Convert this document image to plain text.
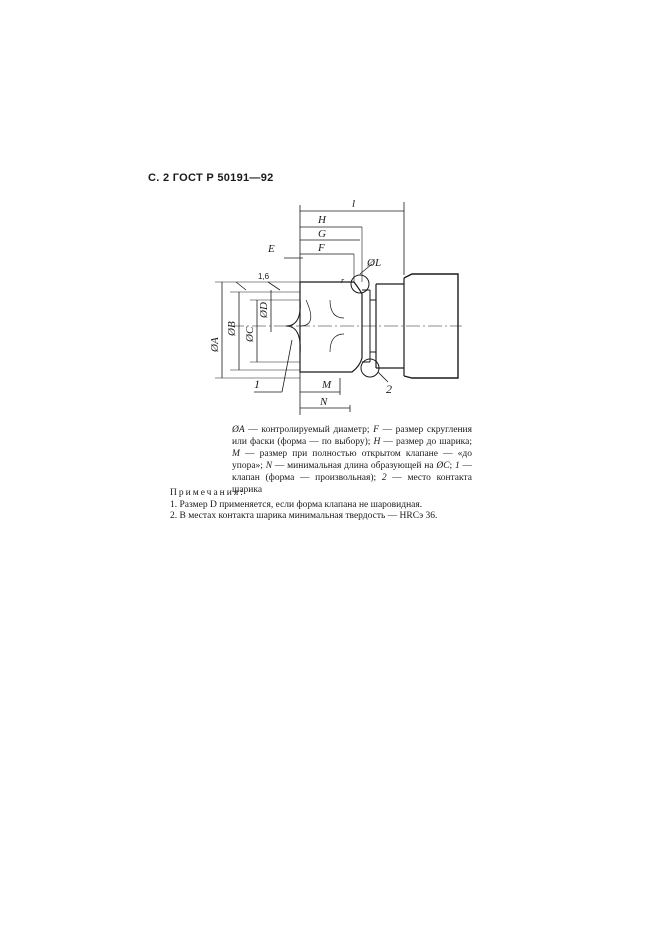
С. 2 ГОСТ Р 50191—92
l
H
G
F
E
r
ØL
1,6
ØA
ØB ØC
ØD
M
N
1	2
ØA — контролируемый диаметр; F — размер скругления или фаски (форма — по выбору); H — размер до шарика; M — размер при полностью открытом клапане — «до упора»; N — минимальная длина образующей на ØC; 1 — клапан (форма — произвольная); 2 — место контакта шарика
Примечания:
1. Размер D применяется, если форма клапана не шаровидная.
2. В местах контакта шарика минимальная твердость — HRCэ 36.
